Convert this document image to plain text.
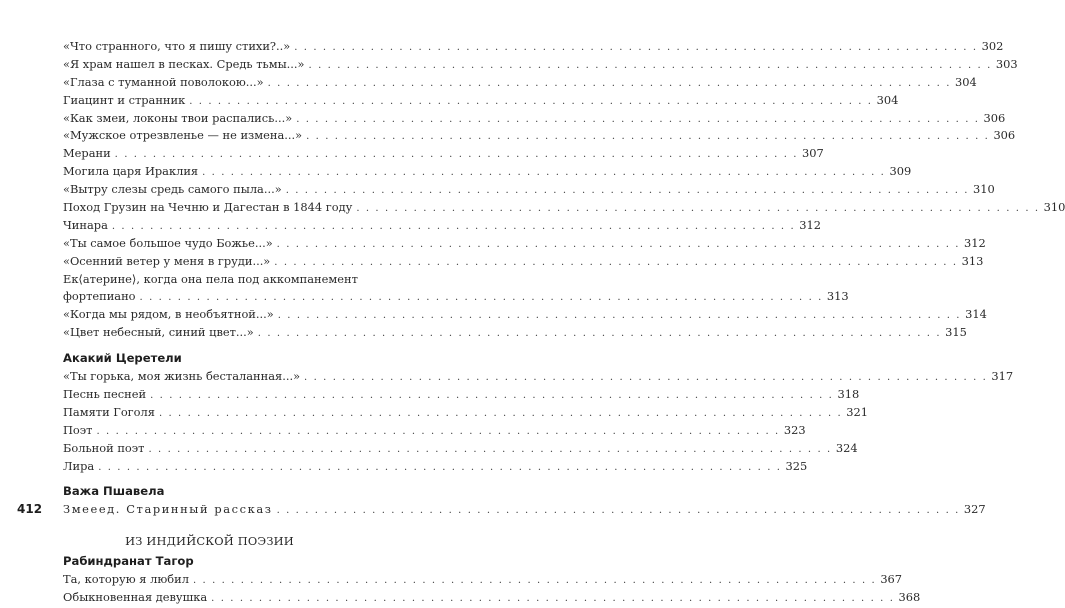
412
«Что странного, что я пишу стихи?..» . . .	302
«Я храм нашел в песках. Средь тьмы...» . . .	303
«Глаза с туманной поволокою...» . . .	304
Гиацинт и странник . . .	304
«Как змеи, локоны твои распались...» . . .	306
«Мужское отрезвленье — не измена...» . . .	306
Мерани . . .	307
Могила царя Ираклия . . .	309
«Вытру слезы средь самого пыла...» . . .	310
Поход Грузин на Чечню и Дагестан в 1844 году . . .	310
Чинара . . .	312
«Ты самое большое чудо Божье...» . . .	312
«Осенний ветер у меня в груди...» . . .	313
Ек⟨атерине⟩, когда она пела под аккомпанемент
фортепиано . . .	313
«Когда мы рядом, в необъятной...» . . .	314
«Цвет небесный, синий цвет...» . . .	315
Акакий Церетели
«Ты горька, моя жизнь бесталанная...» . . .	317
Песнь песней . . .	318
Памяти Гоголя . . .	321
Поэт . . .	323
Больной поэт . . .	324
Лира . . .	325
Важа Пшавела
Змееед. Старинный рассказ . . .	327
ИЗ ИНДИЙСКОЙ ПОЭЗИИ
Рабиндранат Тагор
Та, которую я любил . . .	367
Обыкновенная девушка . . .	368
